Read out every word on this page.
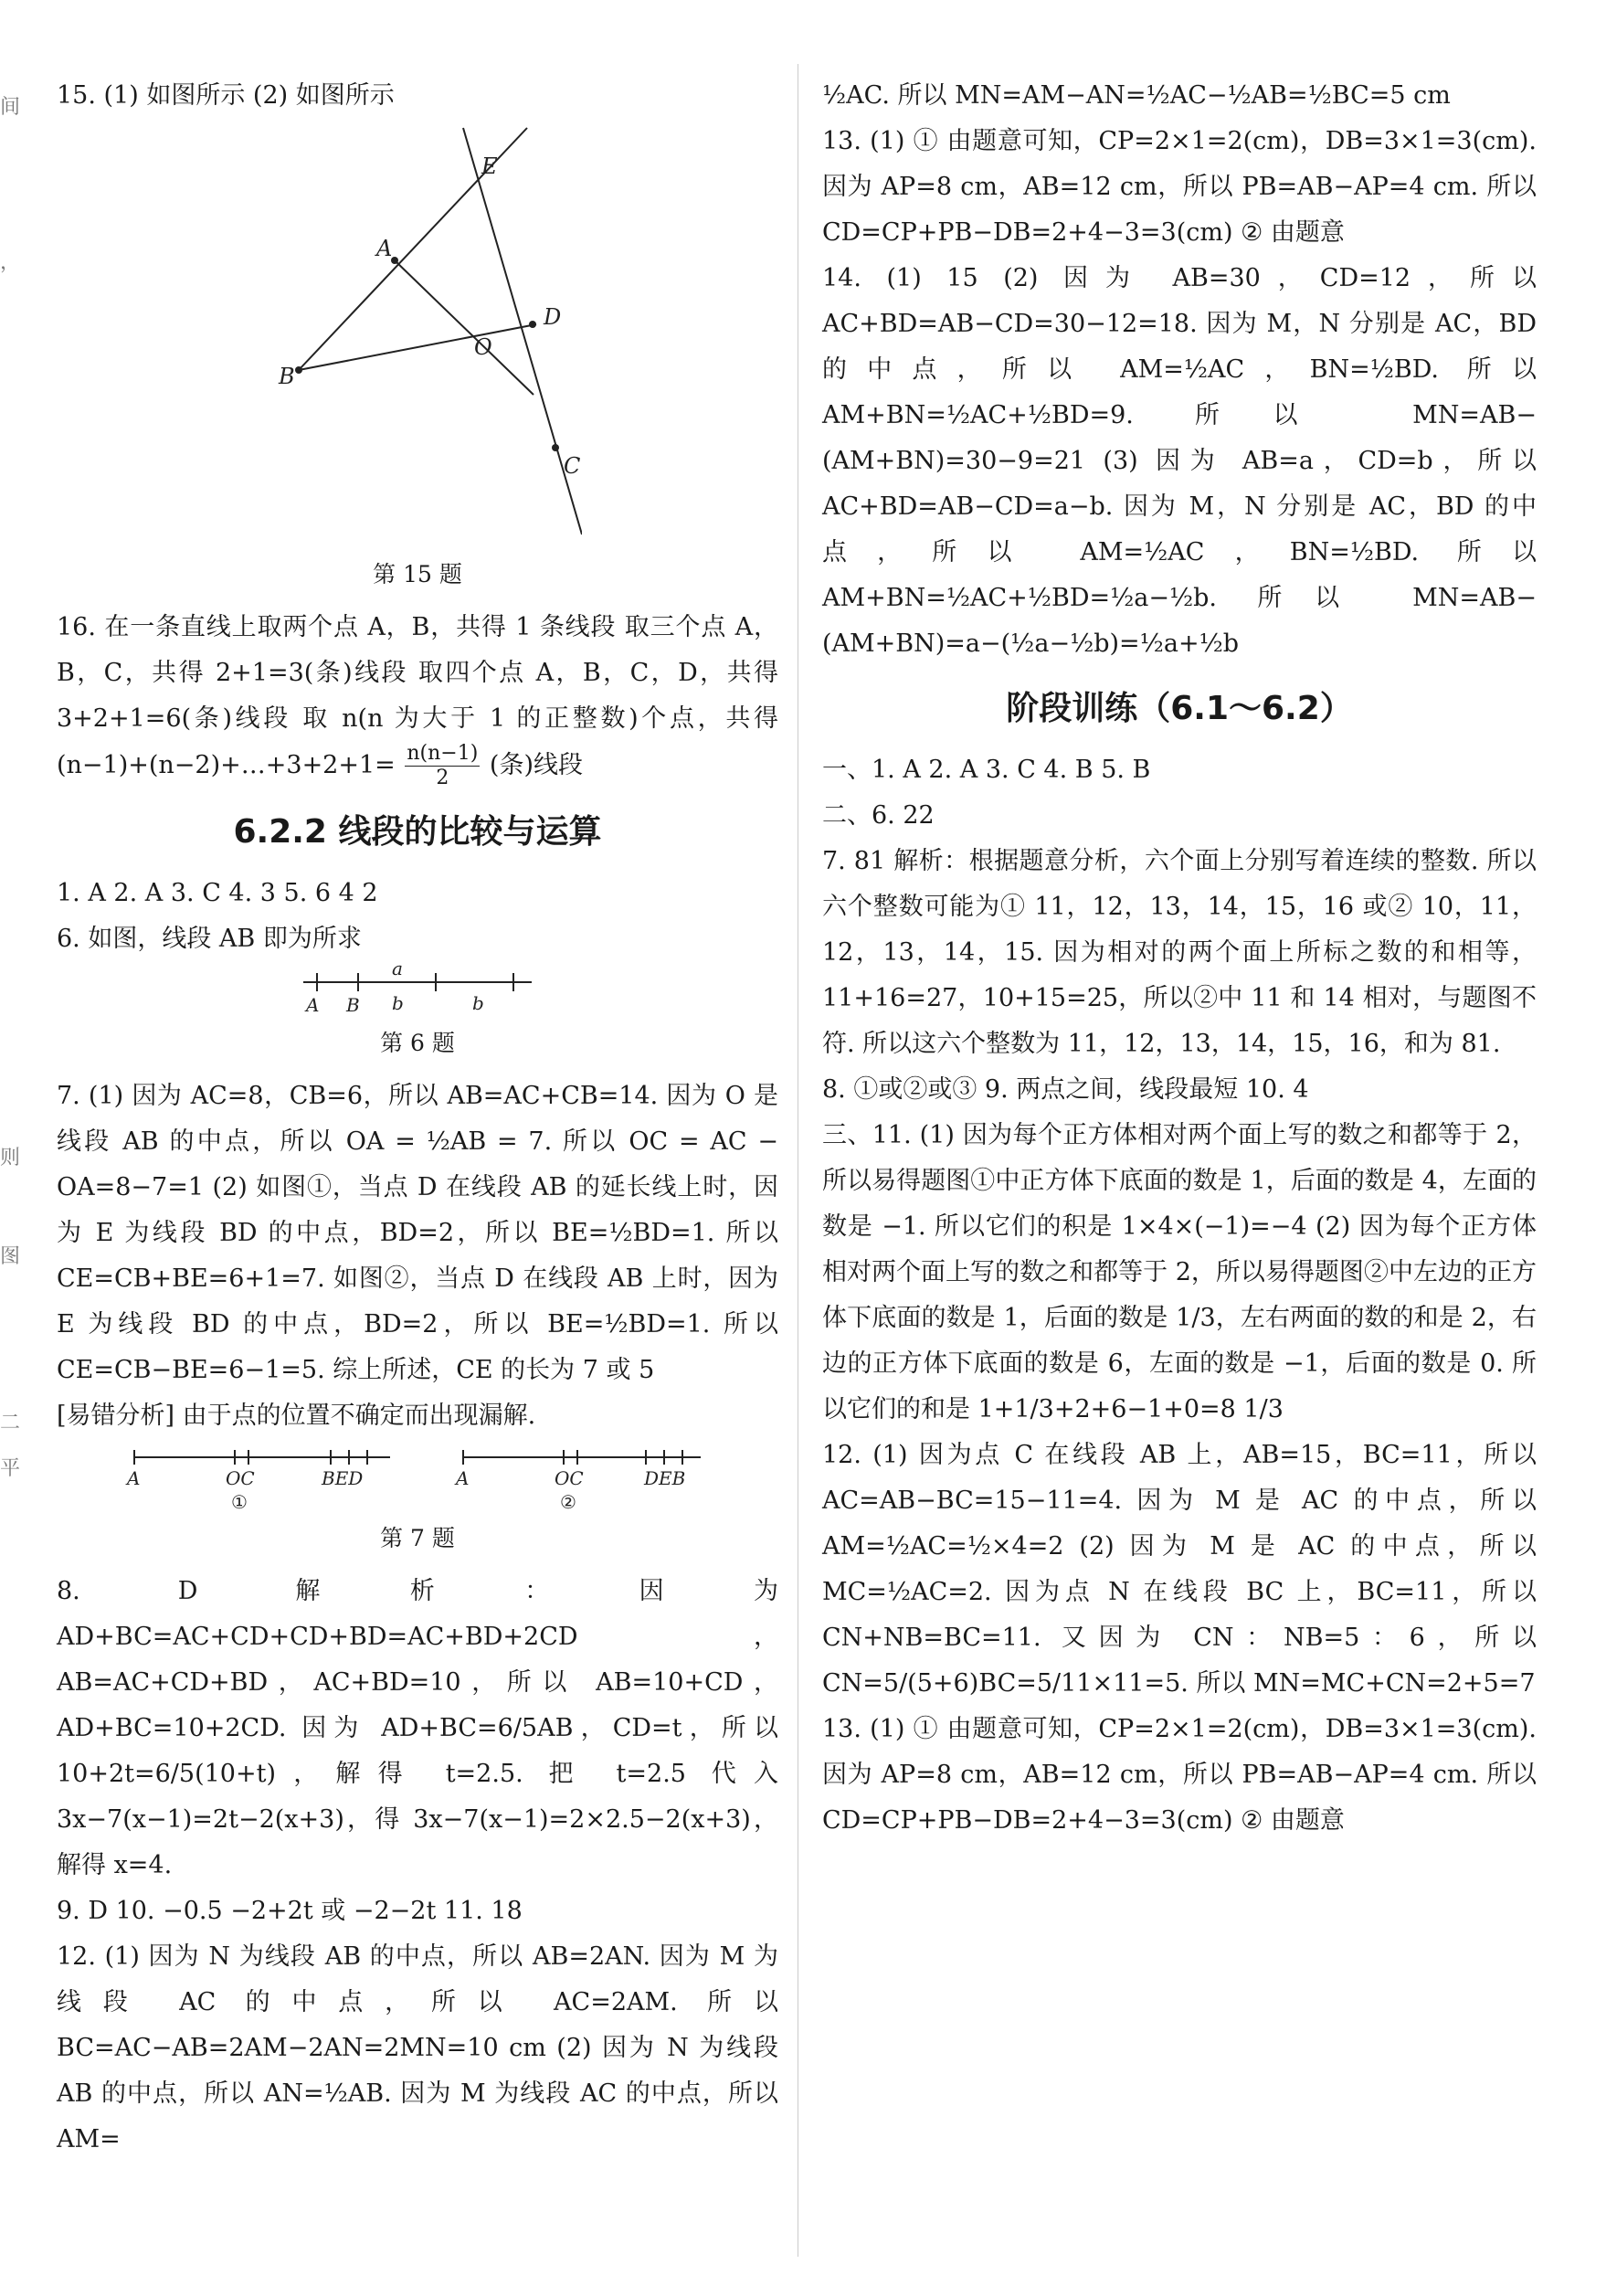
间
，
则
图
二
平

15. (1) 如图所示 (2) 如图所示

E
A
D
O
B
C

第 15 题

16. 在一条直线上取两个点 A，B，共得 1 条线段 取三个点 A，B，C，共得 2+1=3(条)线段 取四个点 A，B，C，D，共得 3+2+1=6(条)线段 取 n(n 为大于 1 的正整数)个点，共得(n−1)+(n−2)+…+3+2+1= $\frac{n(n-1)}{2}$ (条)线段

6.2.2 线段的比较与运算

1. A 2. A 3. C 4. 3 5. 6 4 2

6. 如图，线段 AB 即为所求

a
A B b	b

第 6 题

7. (1) 因为 AC=8，CB=6，所以 AB=AC+CB=14. 因为 O 是线段 AB 的中点，所以 OA = ½AB = 7. 所以 OC = AC − OA=8−7=1 (2) 如图①，当点 D 在线段 AB 的延长线上时，因为 E 为线段 BD 的中点，BD=2，所以 BE=½BD=1. 所以 CE=CB+BE=6+1=7. 如图②，当点 D 在线段 AB 上时，因为 E 为线段 BD 的中点，BD=2，所以 BE=½BD=1. 所以 CE=CB−BE=6−1=5. 综上所述，CE 的长为 7 或 5

[易错分析] 由于点的位置不确定而出现漏解.

A	OC	BED
①
A	OC	DEB
②

第 7 题

8. D 解析：因为 AD+BC=AC+CD+CD+BD=AC+BD+2CD，AB=AC+CD+BD，AC+BD=10，所以 AB=10+CD，AD+BC=10+2CD. 因为 AD+BC=6/5AB，CD=t，所以 10+2t=6/5(10+t)，解得 t=2.5. 把 t=2.5 代入 3x−7(x−1)=2t−2(x+3)，得 3x−7(x−1)=2×2.5−2(x+3)，解得 x=4.

9. D 10. −0.5 −2+2t 或 −2−2t 11. 18

12. (1) 因为 N 为线段 AB 的中点，所以 AB=2AN. 因为 M 为线段 AC 的中点，所以 AC=2AM. 所以 BC=AC−AB=2AM−2AN=2MN=10 cm (2) 因为 N 为线段 AB 的中点，所以 AN=½AB. 因为 M 为线段 AC 的中点，所以 AM=

½AC. 所以 MN=AM−AN=½AC−½AB=½BC=5 cm

13. (1) ① 由题意可知，CP=2×1=2(cm)，DB=3×1=3(cm). 因为 AP=8 cm，AB=12 cm，所以 PB=AB−AP=4 cm. 所以 CD=CP+PB−DB=2+4−3=3(cm) ② 由题意

14. (1) 15 (2) 因为 AB=30，CD=12，所以 AC+BD=AB−CD=30−12=18. 因为 M，N 分别是 AC，BD 的中点，所以 AM=½AC，BN=½BD. 所以 AM+BN=½AC+½BD=9. 所以 MN=AB−(AM+BN)=30−9=21 (3) 因为 AB=a，CD=b，所以 AC+BD=AB−CD=a−b. 因为 M，N 分别是 AC，BD 的中点，所以 AM=½AC，BN=½BD. 所以 AM+BN=½AC+½BD=½a−½b. 所以 MN=AB−(AM+BN)=a−(½a−½b)=½a+½b

阶段训练（6.1～6.2）

一、1. A 2. A 3. C 4. B 5. B

二、6. 22

7. 81 解析：根据题意分析，六个面上分别写着连续的整数. 所以六个整数可能为① 11，12，13，14，15，16 或② 10，11，12，13，14，15. 因为相对的两个面上所标之数的和相等，11+16=27，10+15=25，所以②中 11 和 14 相对，与题图不符. 所以这六个整数为 11，12，13，14，15，16，和为 81.

8. ①或②或③ 9. 两点之间，线段最短 10. 4

三、11. (1) 因为每个正方体相对两个面上写的数之和都等于 2，所以易得题图①中正方体下底面的数是 1，后面的数是 4，左面的数是 −1. 所以它们的积是 1×4×(−1)=−4 (2) 因为每个正方体相对两个面上写的数之和都等于 2，所以易得题图②中左边的正方体下底面的数是 1，后面的数是 1/3，左右两面的数的和是 2，右边的正方体下底面的数是 6，左面的数是 −1，后面的数是 0. 所以它们的和是 1+1/3+2+6−1+0=8 1/3

12. (1) 因为点 C 在线段 AB 上，AB=15，BC=11，所以 AC=AB−BC=15−11=4. 因为 M 是 AC 的中点，所以 AM=½AC=½×4=2 (2) 因为 M 是 AC 的中点，所以 MC=½AC=2. 因为点 N 在线段 BC 上，BC=11，所以 CN+NB=BC=11. 又因为 CN：NB=5：6，所以 CN=5/(5+6)BC=5/11×11=5. 所以 MN=MC+CN=2+5=7

13. (1) ① 由题意可知，CP=2×1=2(cm)，DB=3×1=3(cm). 因为 AP=8 cm，AB=12 cm，所以 PB=AB−AP=4 cm. 所以 CD=CP+PB−DB=2+4−3=3(cm) ② 由题意
